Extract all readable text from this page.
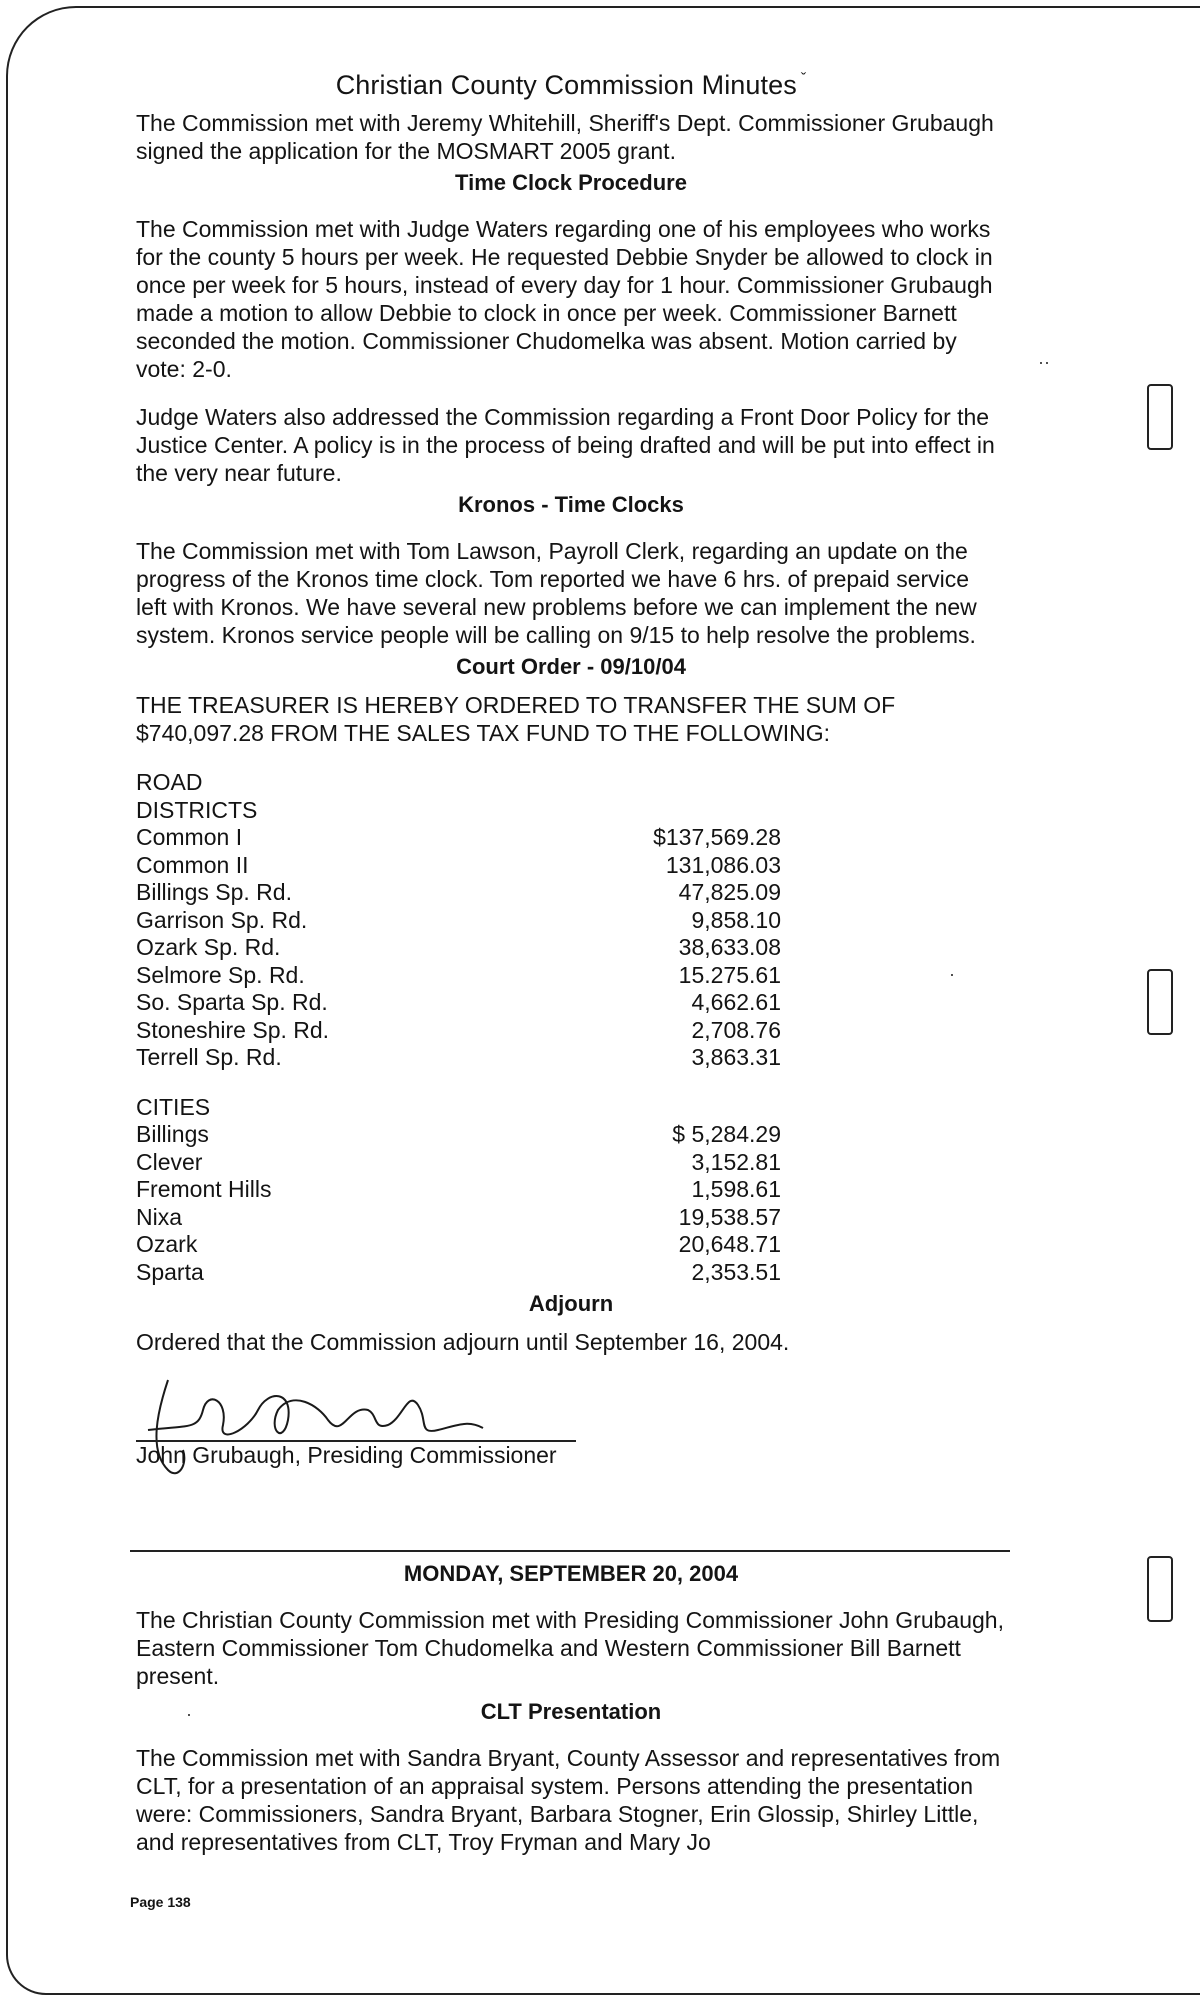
Christian County Commission Minutes $^ˇ$

The Commission met with Jeremy Whitehill, Sheriff's Dept. Commissioner Grubaugh signed the application for the MOSMART 2005 grant.

Time Clock Procedure

The Commission met with Judge Waters regarding one of his employees who works for the county 5 hours per week. He requested Debbie Snyder be allowed to clock in once per week for 5 hours, instead of every day for 1 hour. Commissioner Grubaugh made a motion to allow Debbie to clock in once per week. Commissioner Barnett seconded the motion. Commissioner Chudomelka was absent. Motion carried by vote: 2-0.

Judge Waters also addressed the Commission regarding a Front Door Policy for the Justice Center. A policy is in the process of being drafted and will be put into effect in the very near future.

Kronos - Time Clocks

The Commission met with Tom Lawson, Payroll Clerk, regarding an update on the progress of the Kronos time clock. Tom reported we have 6 hrs. of prepaid service left with Kronos. We have several new problems before we can implement the new system. Kronos service people will be calling on 9/15 to help resolve the problems.

Court Order - 09/10/04

THE TREASURER IS HEREBY ORDERED TO TRANSFER THE SUM OF $740,097.28 FROM THE SALES TAX FUND TO THE FOLLOWING:

ROAD
DISTRICTS
Common I	$137,569.28
Common II	131,086.03
Billings Sp. Rd.	47,825.09
Garrison Sp. Rd.	9,858.10
Ozark Sp. Rd.	38,633.08
Selmore Sp. Rd.	15.275.61
So. Sparta Sp. Rd.	4,662.61
Stoneshire Sp. Rd.	2,708.76
Terrell Sp. Rd.	3,863.31
CITIES
Billings	$ 5,284.29
Clever	3,152.81
Fremont Hills	1,598.61
Nixa	19,538.57
Ozark	20,648.71
Sparta	2,353.51
Adjourn

Ordered that the Commission adjourn until September 16, 2004.

John Grubaugh, Presiding Commissioner
MONDAY, SEPTEMBER 20, 2004

The Christian County Commission met with Presiding Commissioner John Grubaugh, Eastern Commissioner Tom Chudomelka and Western Commissioner Bill Barnett present.

CLT Presentation

The Commission met with Sandra Bryant, County Assessor and representatives from CLT, for a presentation of an appraisal system. Persons attending the presentation were: Commissioners, Sandra Bryant, Barbara Stogner, Erin Glossip, Shirley Little, and representatives from CLT, Troy Fryman and Mary Jo

Page 138
··
·
·
